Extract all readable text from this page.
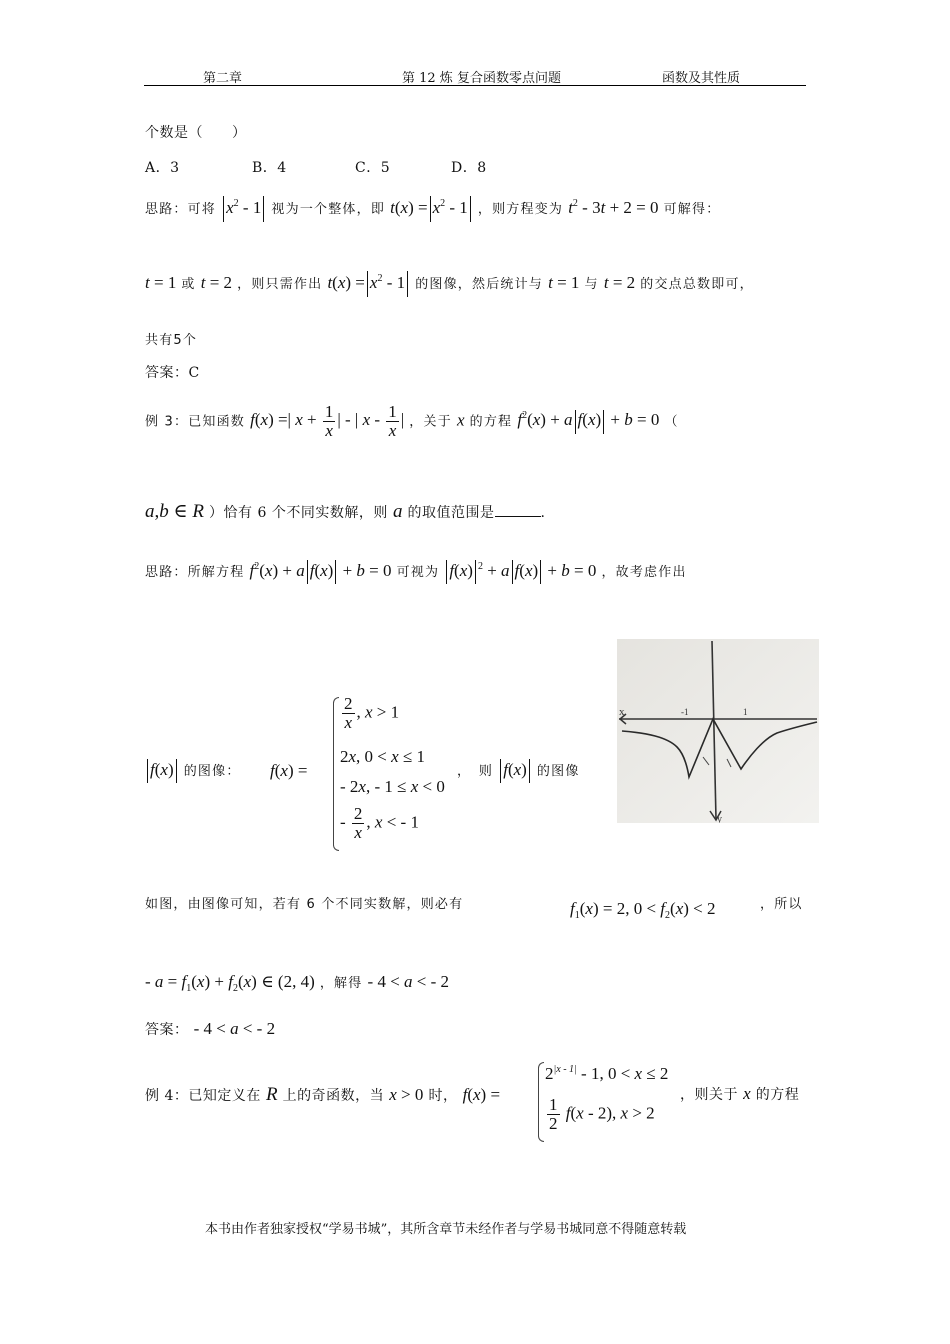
第二章	第 12 炼 复合函数零点问题	函数及其性质
个数是（　　）
A．3	B．4	C．5	D．8
思路：可将 $x^2 - 1$ 视为一个整体，即 $t(x) = x^2 - 1$ ，则方程变为 $t^2 - 3t + 2 = 0$ 可解得：
t = 1 或 t = 2 ，则只需作出 $t(x) = x^2 - 1$ 的图像，然后统计与 t = 1 与 t = 2 的交点总数即可，
共有5个
答案：C
例 3：已知函数 f(x) =| $x + \frac{1}{x}$ | - | x - $\frac{1}{x}$ | ，关于 x 的方程 $f^2(x) + a$ f(x) + b = 0 （
a,b ∈ R ）恰有 6 个不同实数解，则 a 的取值范围是	.
思路：所解方程 $f^2(x) + a$ f(x) + b = 0 可视为 f(x) $^2$ + a f(x) + b = 0 ，故考虑作出
f(x) 的图像： f(x) =
$\frac{2}{x}$ , x > 1
2x, 0 < x ≤ 1
- 2x, - 1 ≤ x < 0
- $\frac{2}{x}$ , x < - 1
，　则 f(x) 的图像
x
y
-1	1
如图，由图像可知，若有 6 个不同实数解，则必有	$f_1(x) = 2$, $0 < f_2(x) < 2$	，所以
- $a = f_1(x) + f_2(x)$ ∈ (2, 4) ，解得 - 4 < a < - 2
答案： - 4 < a < - 2
例 4：已知定义在 R 上的奇函数，当 x > 0 时， f(x) =
$2^{|x - 1|} - 1$, 0 < x ≤ 2
$\frac{1}{2} f(x - 2)$, x > 2
，则关于 x 的方程
本书由作者独家授权“学易书城”，其所含章节未经作者与学易书城同意不得随意转载
